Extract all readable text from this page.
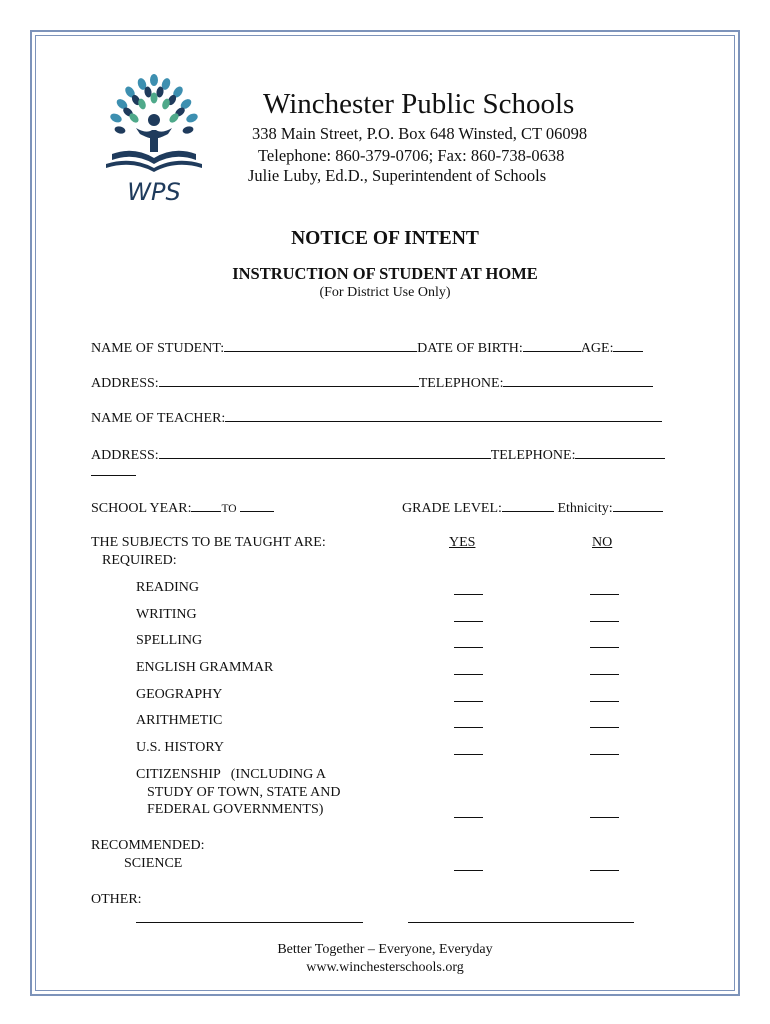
WPS
Winchester Public Schools
338 Main Street, P.O. Box 648 Winsted, CT 06098
Telephone: 860-379-0706; Fax: 860-738-0638
Julie Luby, Ed.D., Superintendent of Schools
NOTICE OF INTENT
INSTRUCTION OF STUDENT AT HOME
(For District Use Only)
NAME OF STUDENT:	DATE OF BIRTH:	AGE:
ADDRESS:	TELEPHONE:
NAME OF TEACHER:
ADDRESS:	TELEPHONE:
SCHOOL YEAR:	TO	GRADE LEVEL:	Ethnicity:
THE SUBJECTS TO BE TAUGHT ARE:
REQUIRED:
YES	NO
READING
WRITING
SPELLING
ENGLISH GRAMMAR
GEOGRAPHY
ARITHMETIC
U.S. HISTORY
CITIZENSHIP   (INCLUDING A
STUDY OF TOWN, STATE AND
FEDERAL GOVERNMENTS)
RECOMMENDED:
SCIENCE
OTHER:
Better Together – Everyone, Everyday
www.winchesterschools.org
